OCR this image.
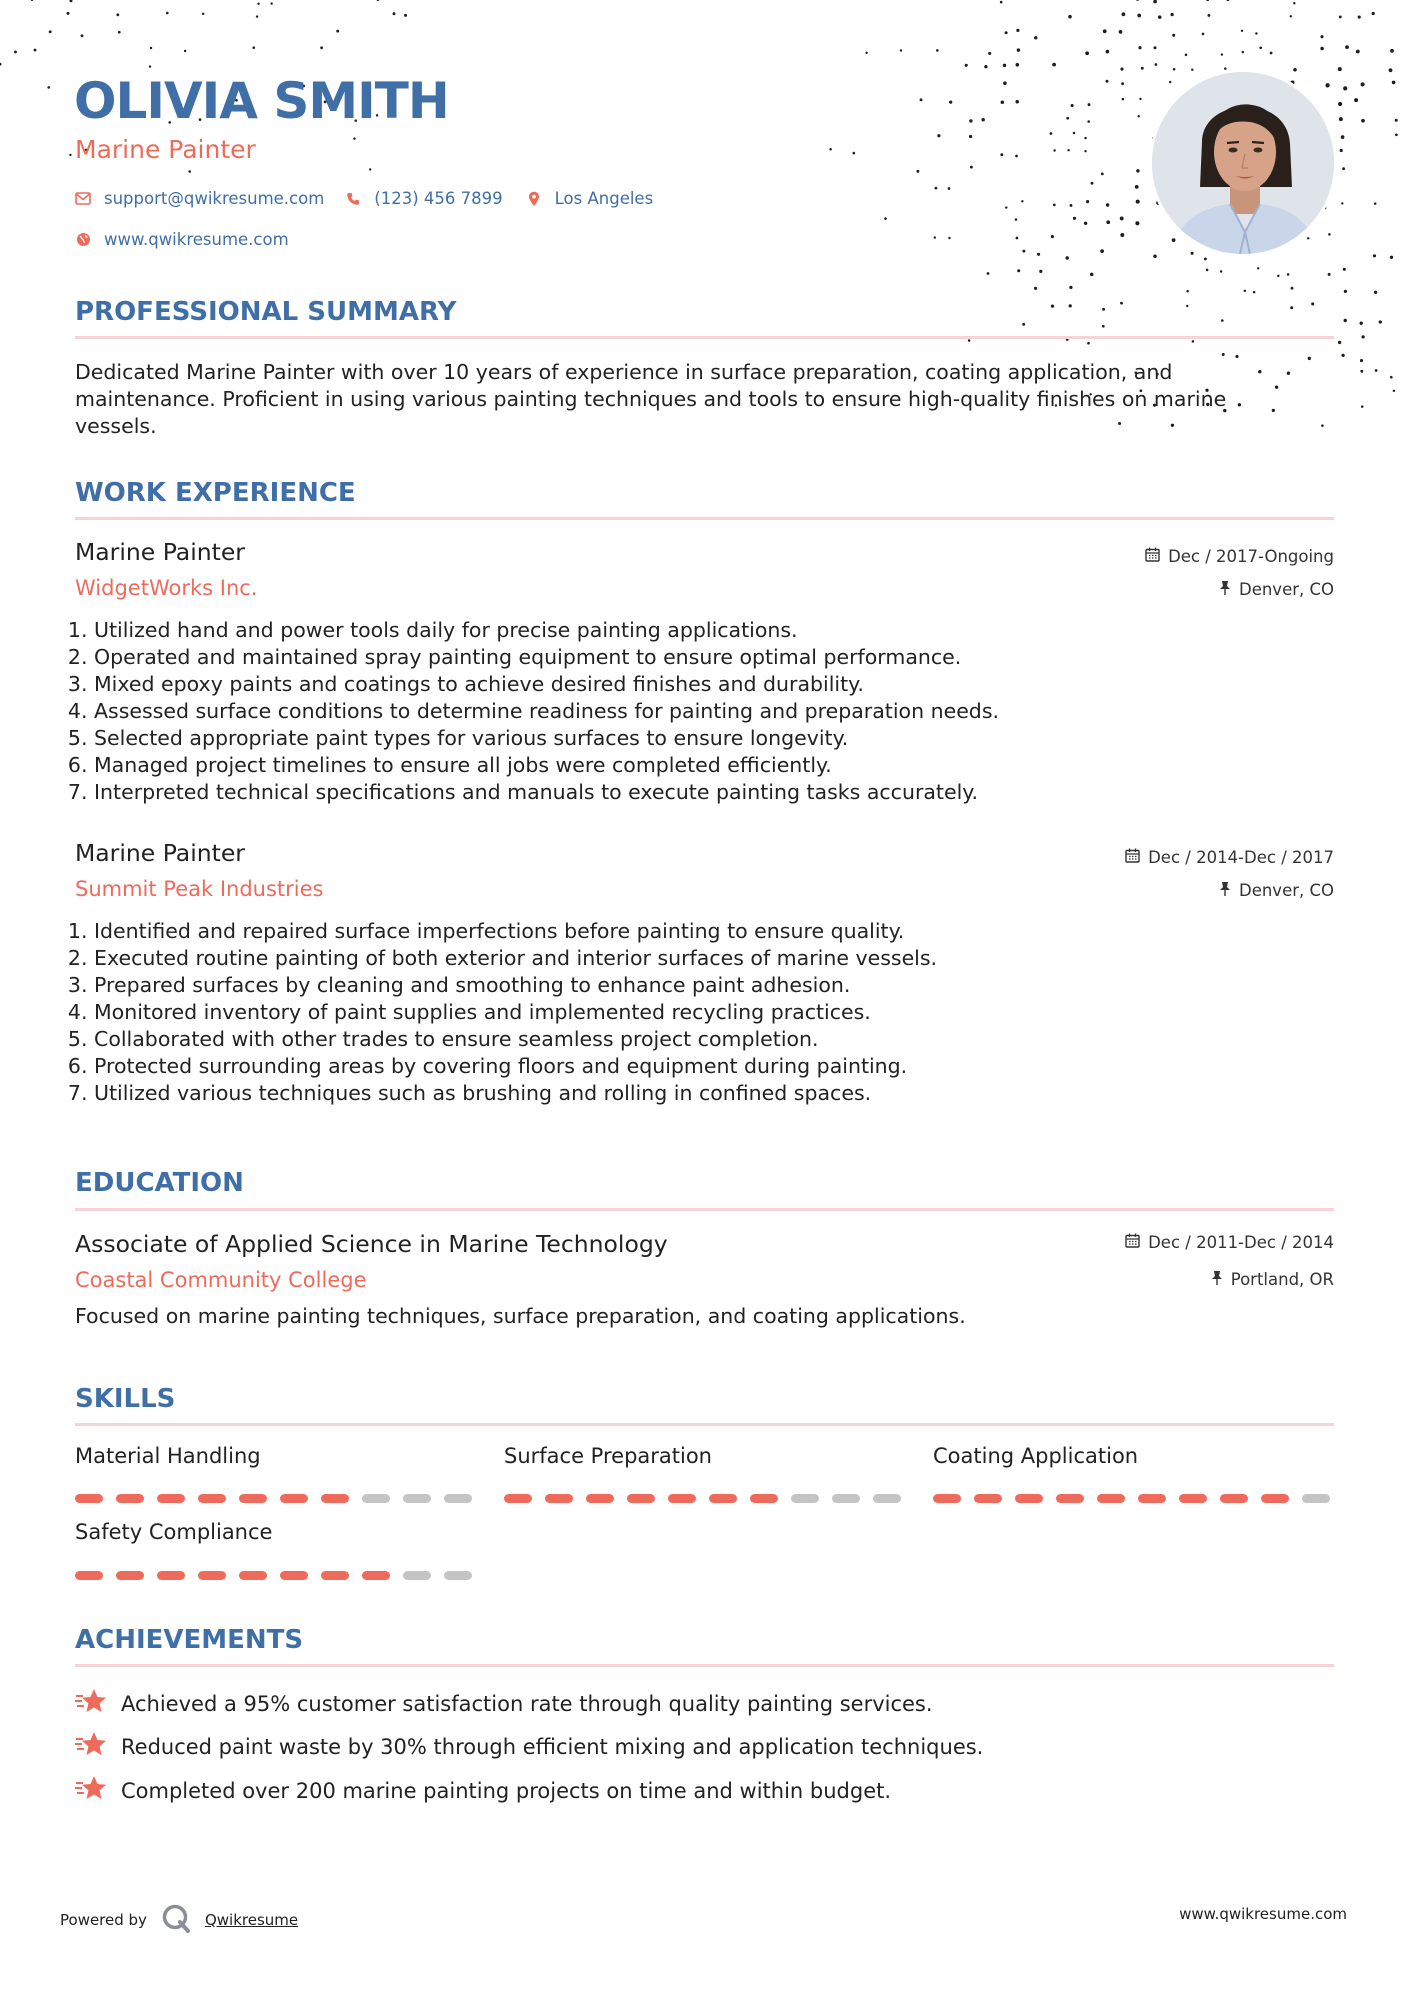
OLIVIA SMITH
Marine Painter
support@qwikresume.com	(123) 456 7899	Los Angeles
www.qwikresume.com
PROFESSIONAL SUMMARY
Dedicated Marine Painter with over 10 years of experience in surface preparation, coating application, and maintenance. Proficient in using various painting techniques and tools to ensure high-quality finishes on marine vessels.
WORK EXPERIENCE
Marine Painter
WidgetWorks Inc.
Dec / 2017-Ongoing
Denver, CO
1. Utilized hand and power tools daily for precise painting applications.
2. Operated and maintained spray painting equipment to ensure optimal performance.
3. Mixed epoxy paints and coatings to achieve desired finishes and durability.
4. Assessed surface conditions to determine readiness for painting and preparation needs.
5. Selected appropriate paint types for various surfaces to ensure longevity.
6. Managed project timelines to ensure all jobs were completed efficiently.
7. Interpreted technical specifications and manuals to execute painting tasks accurately.
Marine Painter
Summit Peak Industries
Dec / 2014-Dec / 2017
Denver, CO
1. Identified and repaired surface imperfections before painting to ensure quality.
2. Executed routine painting of both exterior and interior surfaces of marine vessels.
3. Prepared surfaces by cleaning and smoothing to enhance paint adhesion.
4. Monitored inventory of paint supplies and implemented recycling practices.
5. Collaborated with other trades to ensure seamless project completion.
6. Protected surrounding areas by covering floors and equipment during painting.
7. Utilized various techniques such as brushing and rolling in confined spaces.
EDUCATION
Associate of Applied Science in Marine Technology
Coastal Community College
Dec / 2011-Dec / 2014
Portland, OR
Focused on marine painting techniques, surface preparation, and coating applications.
SKILLS
Material Handling	Surface Preparation	Coating Application
Safety Compliance
ACHIEVEMENTS
Achieved a 95% customer satisfaction rate through quality painting services.
Reduced paint waste by 30% through efficient mixing and application techniques.
Completed over 200 marine painting projects on time and within budget.
Powered by	Qwikresume	www.qwikresume.com
